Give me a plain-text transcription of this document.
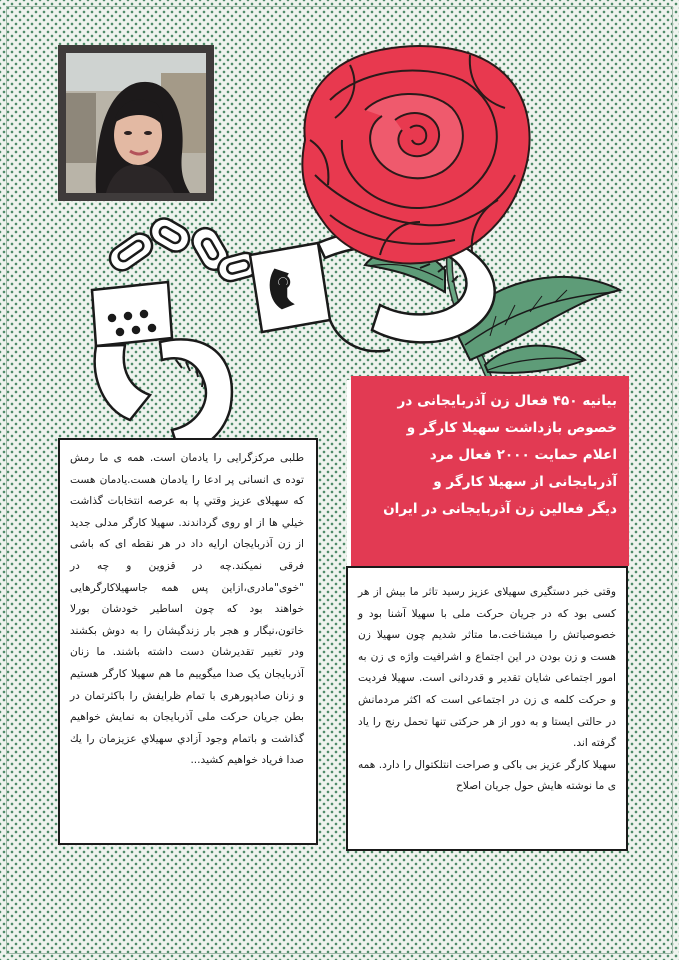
بیانیه ۴۵۰ فعال زن آذربایجانی در
خصوص بازداشت سهیلا کارگر و
اعلام حمایت ۲۰۰۰ فعال مرد
آذربایجانی از سهیلا کارگر و
دیگر فعالین زن آذربایجانی در ایران

طلبی مرکزگرایی را یادمان است. همه ی ما رمش توده ی انسانی پر ادعا را یادمان هست.یادمان هست که سهیلای عزیز وقتي پا به عرصه انتخابات گذاشت خیلي ها از او روی گرداندند. سهیلا کارگر مدلی جدید از زن آذربایجان ارایه داد در هر نقطه ای که باشی فرقی نمیکند.چه در قزوین و چه در "خوی"مادری،ازاین پس همه جاسهیلاکارگرهایی خواهند بود که چون اساطیر خودشان بورلا خاتون،نیگار و هجر بار زندگیشان را به دوش بکشند ودر تغییر تقدیرشان دست داشته باشند. ما زنان آذربایجان یک صدا میگوییم ما هم سهیلا کارگر هستیم و زنان صادپورهری با تمام ظرایفش را باکثرتمان در بطن جریان حرکت ملی آذربایجان به نمایش خواهیم گذاشت و باتمام وجود آزادي سهیلاي عزیزمان را يك صدا فرياد خواهيم کشید...

وقتی خبر دستگیری سهیلای عزیز رسید تاثر ما بیش از هر کسی بود که در جریان حرکت ملی با سهیلا آشنا بود و خصوصیاتش را میشناخت.ما متاثر شدیم چون سهیلا زن هست و زن بودن در این اجتماع و اشرافیت واژه ی زن به امور اجتماعی شایان تقدیر و قدردانی است. سهیلا فردیت و حرکت کلمه ی زن در اجتماعی است که اکثر مردمانش در حالتی ایستا و به دور از هر حرکتی تنها تحمل رنج را یاد گرفته اند.

سهیلا کارگر عزیز بی باکی و صراحت انتلکتوال را دارد. همه ی ما نوشته هایش حول جریان اصلاح
